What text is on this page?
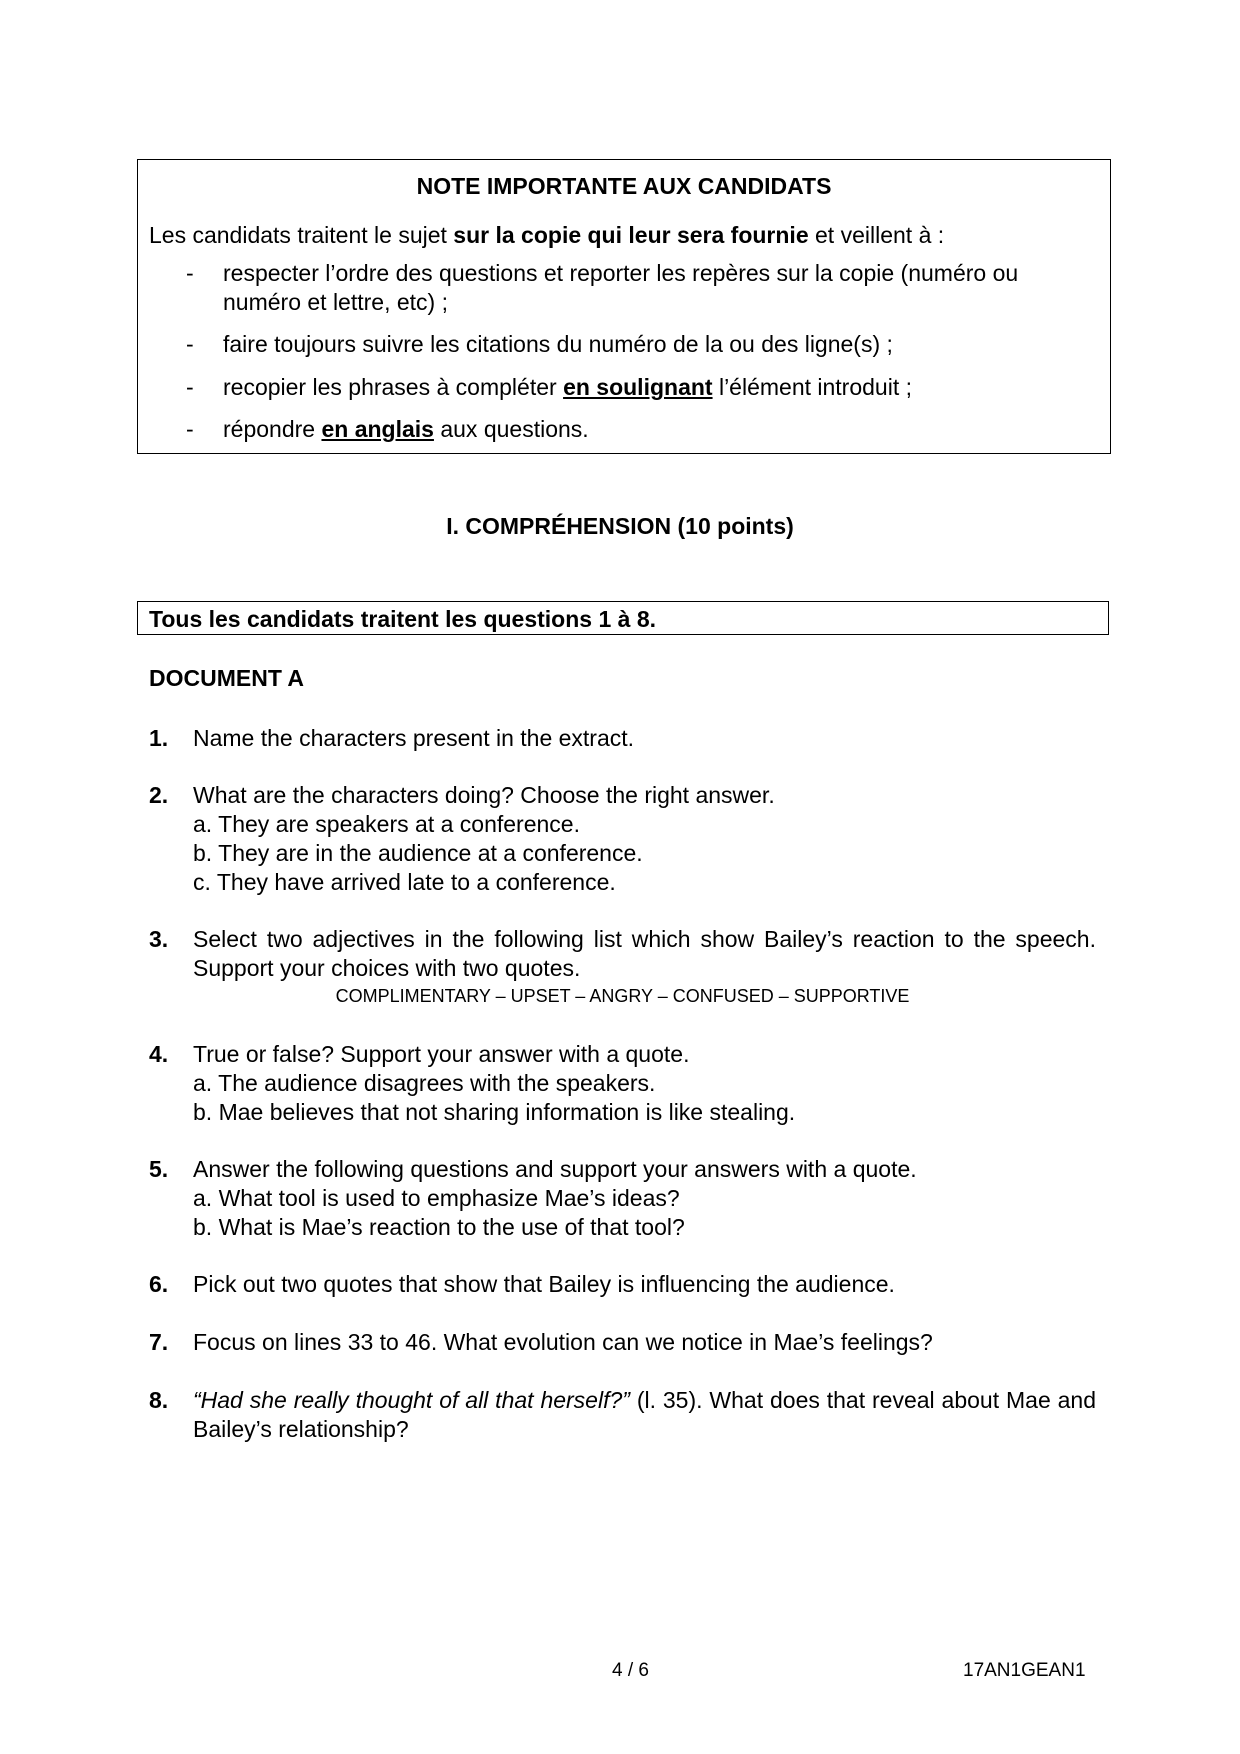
NOTE IMPORTANTE AUX CANDIDATS
Les candidats traitent le sujet sur la copie qui leur sera fournie et veillent à :
- respecter l’ordre des questions et reporter les repères sur la copie (numéro ou numéro et lettre, etc) ;
- faire toujours suivre les citations du numéro de la ou des ligne(s) ;
- recopier les phrases à compléter en soulignant l’élément introduit ;
- répondre en anglais aux questions.
I. COMPRÉHENSION (10 points)
Tous les candidats traitent les questions 1 à 8.
DOCUMENT A
1. Name the characters present in the extract.
2. What are the characters doing? Choose the right answer.
a. They are speakers at a conference.
b. They are in the audience at a conference.
c. They have arrived late to a conference.
3. Select two adjectives in the following list which show Bailey’s reaction to the speech. Support your choices with two quotes.
COMPLIMENTARY – UPSET – ANGRY – CONFUSED – SUPPORTIVE
4. True or false? Support your answer with a quote.
a. The audience disagrees with the speakers.
b. Mae believes that not sharing information is like stealing.
5. Answer the following questions and support your answers with a quote.
a. What tool is used to emphasize Mae’s ideas?
b. What is Mae’s reaction to the use of that tool?
6. Pick out two quotes that show that Bailey is influencing the audience.
7. Focus on lines 33 to 46. What evolution can we notice in Mae’s feelings?
8. “Had she really thought of all that herself?” (l. 35). What does that reveal about Mae and Bailey’s relationship?
4 / 6	17AN1GEAN1
